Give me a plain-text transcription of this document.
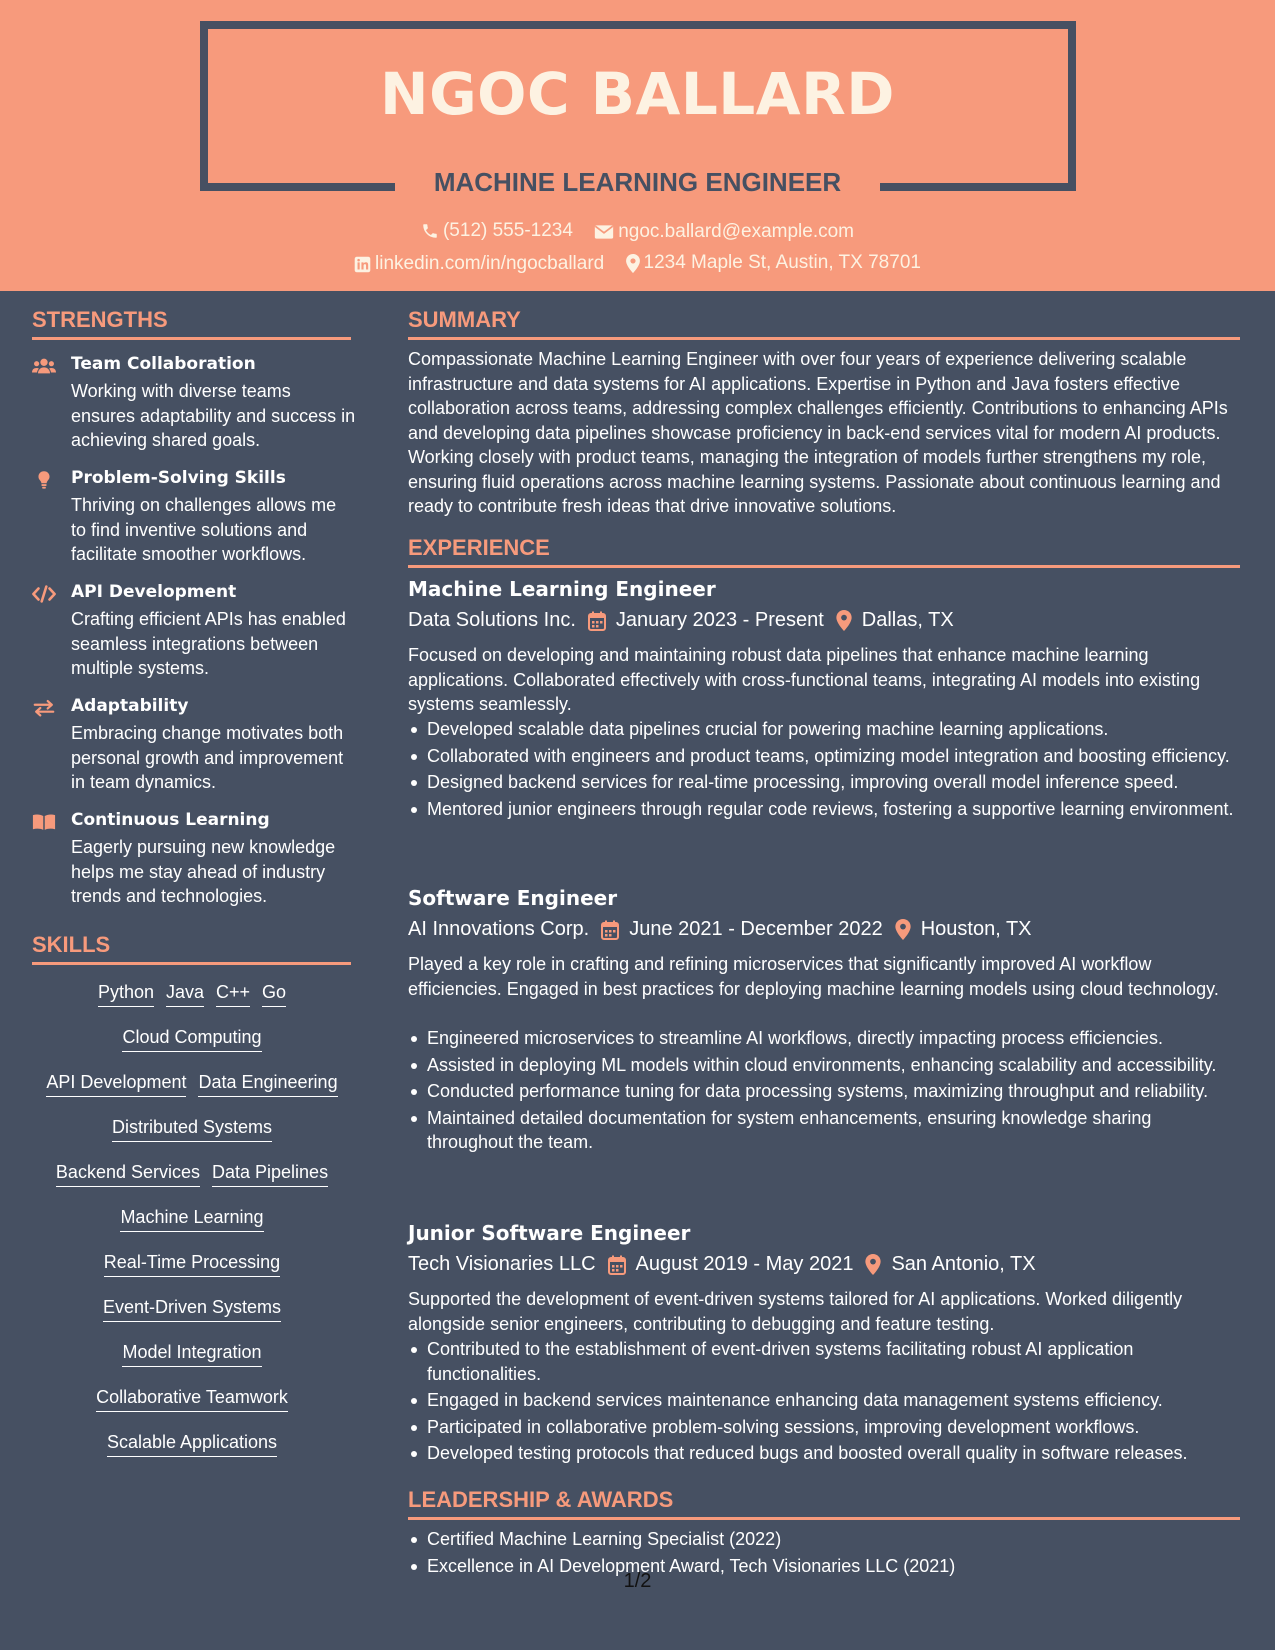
NGOC BALLARD
MACHINE LEARNING ENGINEER
(512) 555-1234
ngoc.ballard@example.com
linkedin.com/in/ngocballard
1234 Maple St, Austin, TX 78701
STRENGTHS
Team Collaboration
Working with diverse teams ensures adaptability and success in achieving shared goals.
Problem-Solving Skills
Thriving on challenges allows me to find inventive solutions and facilitate smoother workflows.
API Development
Crafting efficient APIs has enabled seamless integrations between multiple systems.
Adaptability
Embracing change motivates both personal growth and improvement in team dynamics.
Continuous Learning
Eagerly pursuing new knowledge helps me stay ahead of industry trends and technologies.
SKILLS
Python Java C++ Go
Cloud Computing
API Development Data Engineering
Distributed Systems
Backend Services Data Pipelines
Machine Learning
Real-Time Processing
Event-Driven Systems
Model Integration
Collaborative Teamwork
Scalable Applications
SUMMARY
Compassionate Machine Learning Engineer with over four years of experience delivering scalable infrastructure and data systems for AI applications. Expertise in Python and Java fosters effective collaboration across teams, addressing complex challenges efficiently. Contributions to enhancing APIs and developing data pipelines showcase proficiency in back-end services vital for modern AI products. Working closely with product teams, managing the integration of models further strengthens my role, ensuring fluid operations across machine learning systems. Passionate about continuous learning and ready to contribute fresh ideas that drive innovative solutions.
EXPERIENCE
Machine Learning Engineer
Data Solutions Inc. January 2023 - Present Dallas, TX
Focused on developing and maintaining robust data pipelines that enhance machine learning applications. Collaborated effectively with cross-functional teams, integrating AI models into existing systems seamlessly.
Developed scalable data pipelines crucial for powering machine learning applications.
Collaborated with engineers and product teams, optimizing model integration and boosting efficiency.
Designed backend services for real-time processing, improving overall model inference speed.
Mentored junior engineers through regular code reviews, fostering a supportive learning environment.
Software Engineer
AI Innovations Corp. June 2021 - December 2022 Houston, TX
Played a key role in crafting and refining microservices that significantly improved AI workflow efficiencies. Engaged in best practices for deploying machine learning models using cloud technology.
Engineered microservices to streamline AI workflows, directly impacting process efficiencies.
Assisted in deploying ML models within cloud environments, enhancing scalability and accessibility.
Conducted performance tuning for data processing systems, maximizing throughput and reliability.
Maintained detailed documentation for system enhancements, ensuring knowledge sharing throughout the team.
Junior Software Engineer
Tech Visionaries LLC August 2019 - May 2021 San Antonio, TX
Supported the development of event-driven systems tailored for AI applications. Worked diligently alongside senior engineers, contributing to debugging and feature testing.
Contributed to the establishment of event-driven systems facilitating robust AI application functionalities.
Engaged in backend services maintenance enhancing data management systems efficiency.
Participated in collaborative problem-solving sessions, improving development workflows.
Developed testing protocols that reduced bugs and boosted overall quality in software releases.
LEADERSHIP & AWARDS
Certified Machine Learning Specialist (2022)
Excellence in AI Development Award, Tech Visionaries LLC (2021)
1/2
